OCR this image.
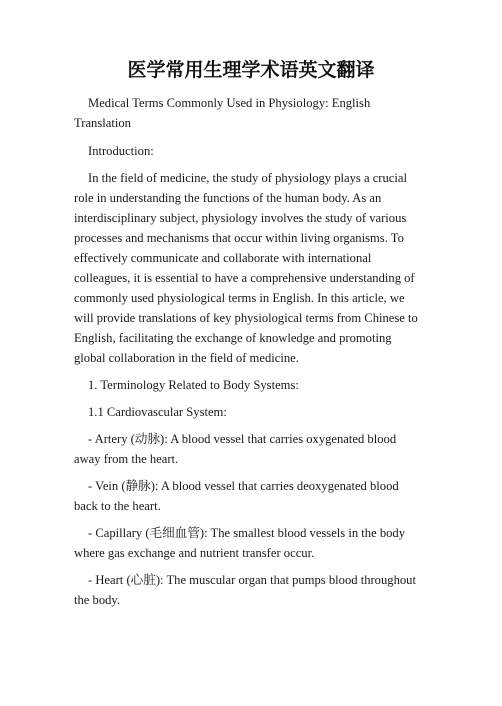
医学常用生理学术语英文翻译

Medical Terms Commonly Used in Physiology: English Translation

Introduction:

In the field of medicine, the study of physiology plays a crucial role in understanding the functions of the human body. As an interdisciplinary subject, physiology involves the study of various processes and mechanisms that occur within living organisms. To effectively communicate and collaborate with international colleagues, it is essential to have a comprehensive understanding of commonly used physiological terms in English. In this article, we will provide translations of key physiological terms from Chinese to English, facilitating the exchange of knowledge and promoting global collaboration in the field of medicine.

1. Terminology Related to Body Systems:

1.1 Cardiovascular System:

- Artery (动脉): A blood vessel that carries oxygenated blood away from the heart.

- Vein (静脉): A blood vessel that carries deoxygenated blood back to the heart.

- Capillary (毛细血管): The smallest blood vessels in the body where gas exchange and nutrient transfer occur.

- Heart (心脏): The muscular organ that pumps blood throughout the body.
